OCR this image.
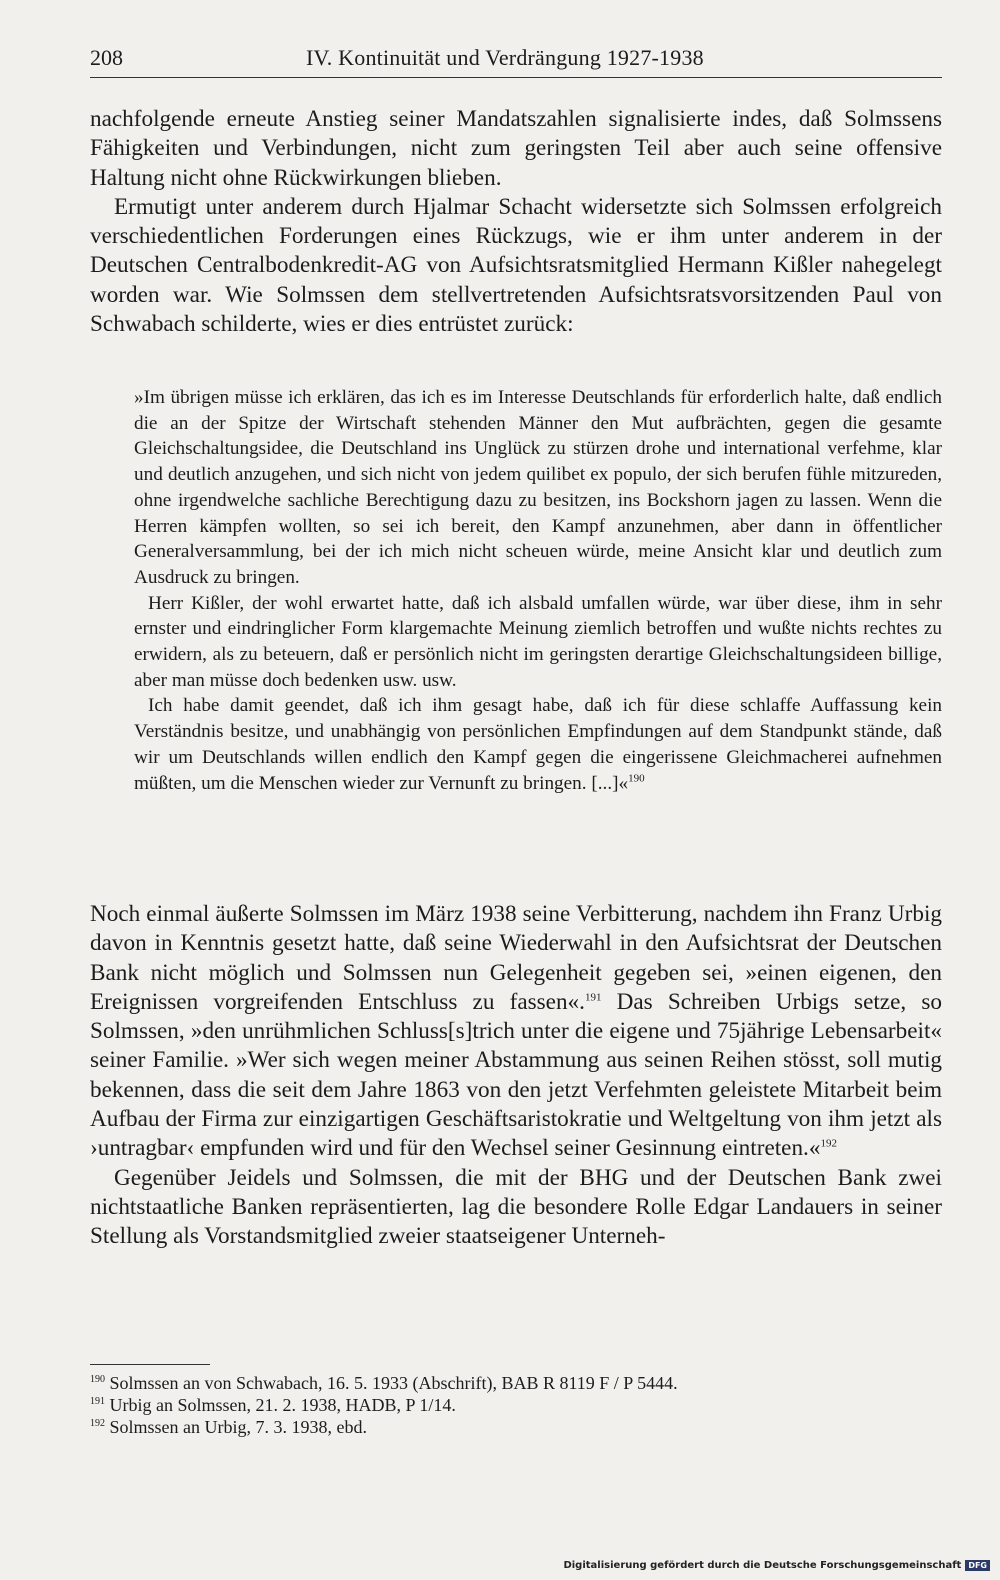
208	IV. Kontinuität und Verdrängung 1927-1938

nachfolgende erneute Anstieg seiner Mandatszahlen signalisierte indes, daß Solmssens Fähigkeiten und Verbindungen, nicht zum geringsten Teil aber auch seine offensive Haltung nicht ohne Rückwirkungen blieben.

Ermutigt unter anderem durch Hjalmar Schacht widersetzte sich Solmssen erfolgreich verschiedentlichen Forderungen eines Rückzugs, wie er ihm unter anderem in der Deutschen Centralbodenkredit-AG von Aufsichtsratsmitglied Hermann Kißler nahegelegt worden war. Wie Solmssen dem stellvertretenden Aufsichtsratsvorsitzenden Paul von Schwabach schilderte, wies er dies entrüstet zurück:

»Im übrigen müsse ich erklären, das ich es im Interesse Deutschlands für erforderlich halte, daß endlich die an der Spitze der Wirtschaft stehenden Männer den Mut aufbrächten, gegen die gesamte Gleichschaltungsidee, die Deutschland ins Unglück zu stürzen drohe und international verfehme, klar und deutlich anzugehen, und sich nicht von jedem quilibet ex populo, der sich berufen fühle mitzureden, ohne irgendwelche sachliche Berechtigung dazu zu besitzen, ins Bockshorn jagen zu lassen. Wenn die Herren kämpfen wollten, so sei ich bereit, den Kampf anzunehmen, aber dann in öffentlicher Generalversammlung, bei der ich mich nicht scheuen würde, meine Ansicht klar und deutlich zum Ausdruck zu bringen.

Herr Kißler, der wohl erwartet hatte, daß ich alsbald umfallen würde, war über diese, ihm in sehr ernster und eindringlicher Form klargemachte Meinung ziemlich betroffen und wußte nichts rechtes zu erwidern, als zu beteuern, daß er persönlich nicht im geringsten derartige Gleichschaltungsideen billige, aber man müsse doch bedenken usw. usw.

Ich habe damit geendet, daß ich ihm gesagt habe, daß ich für diese schlaffe Auffassung kein Verständnis besitze, und unabhängig von persönlichen Empfindungen auf dem Standpunkt stände, daß wir um Deutschlands willen endlich den Kampf gegen die eingerissene Gleichmacherei aufnehmen müßten, um die Menschen wieder zur Vernunft zu bringen. [...]«$^{190}$

Noch einmal äußerte Solmssen im März 1938 seine Verbitterung, nachdem ihn Franz Urbig davon in Kenntnis gesetzt hatte, daß seine Wiederwahl in den Aufsichtsrat der Deutschen Bank nicht möglich und Solmssen nun Gelegenheit gegeben sei, »einen eigenen, den Ereignissen vorgreifenden Entschluss zu fassen«.$^{191}$ Das Schreiben Urbigs setze, so Solmssen, »den unrühmlichen Schluss[s]trich unter die eigene und 75jährige Lebensarbeit« seiner Familie. »Wer sich wegen meiner Abstammung aus seinen Reihen stösst, soll mutig bekennen, dass die seit dem Jahre 1863 von den jetzt Verfehmten geleistete Mitarbeit beim Aufbau der Firma zur einzigartigen Geschäftsaristokratie und Weltgeltung von ihm jetzt als ›untragbar‹ empfunden wird und für den Wechsel seiner Gesinnung eintreten.«$^{192}$

Gegenüber Jeidels und Solmssen, die mit der BHG und der Deutschen Bank zwei nichtstaatliche Banken repräsentierten, lag die besondere Rolle Edgar Landauers in seiner Stellung als Vorstandsmitglied zweier staatseigener Unterneh-

$^{190}$ Solmssen an von Schwabach, 16. 5. 1933 (Abschrift), BAB R 8119 F / P 5444.

$^{191}$ Urbig an Solmssen, 21. 2. 1938, HADB, P 1/14.

$^{192}$ Solmssen an Urbig, 7. 3. 1938, ebd.

Digitalisierung gefördert durch die Deutsche Forschungsgemeinschaft DFG
